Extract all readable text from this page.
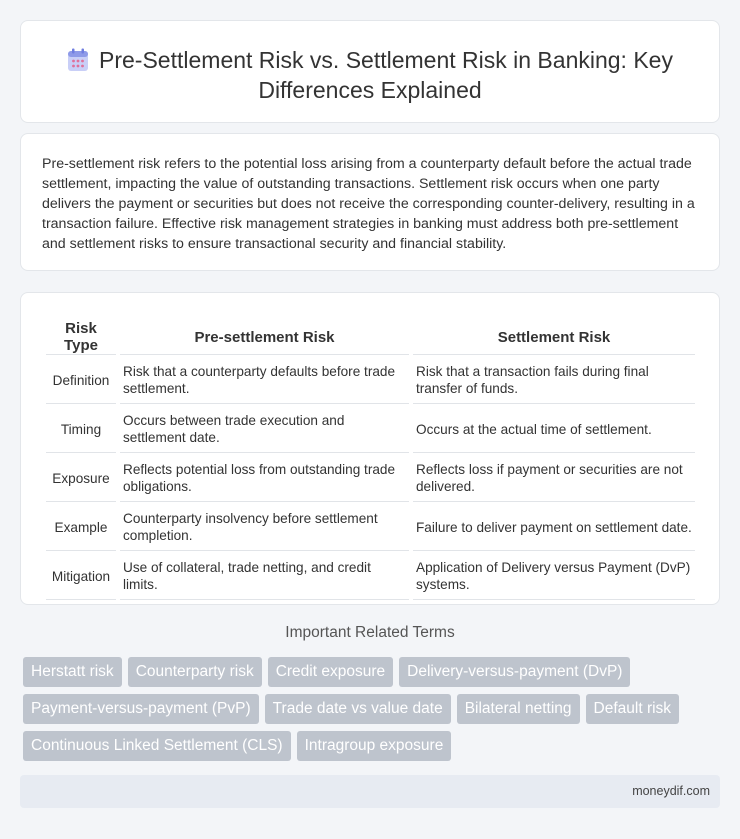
Pre-Settlement Risk vs. Settlement Risk in Banking: Key Differences Explained

Pre-settlement risk refers to the potential loss arising from a counterparty default before the actual trade settlement, impacting the value of outstanding transactions. Settlement risk occurs when one party delivers the payment or securities but does not receive the corresponding counter-delivery, resulting in a transaction failure. Effective risk management strategies in banking must address both pre-settlement and settlement risks to ensure transactional security and financial stability.

Risk Type	Pre-settlement Risk	Settlement Risk
Definition	Risk that a counterparty defaults before trade settlement.	Risk that a transaction fails during final transfer of funds.
Timing	Occurs between trade execution and settlement date.	Occurs at the actual time of settlement.
Exposure	Reflects potential loss from outstanding trade obligations.	Reflects loss if payment or securities are not delivered.
Example	Counterparty insolvency before settlement completion.	Failure to deliver payment on settlement date.
Mitigation	Use of collateral, trade netting, and credit limits.	Application of Delivery versus Payment (DvP) systems.
Important Related Terms
Herstatt risk	Counterparty risk	Credit exposure	Delivery-versus-payment (DvP)
Payment-versus-payment (PvP)	Trade date vs value date	Bilateral netting	Default risk
Continuous Linked Settlement (CLS)	Intragroup exposure
moneydif.com
